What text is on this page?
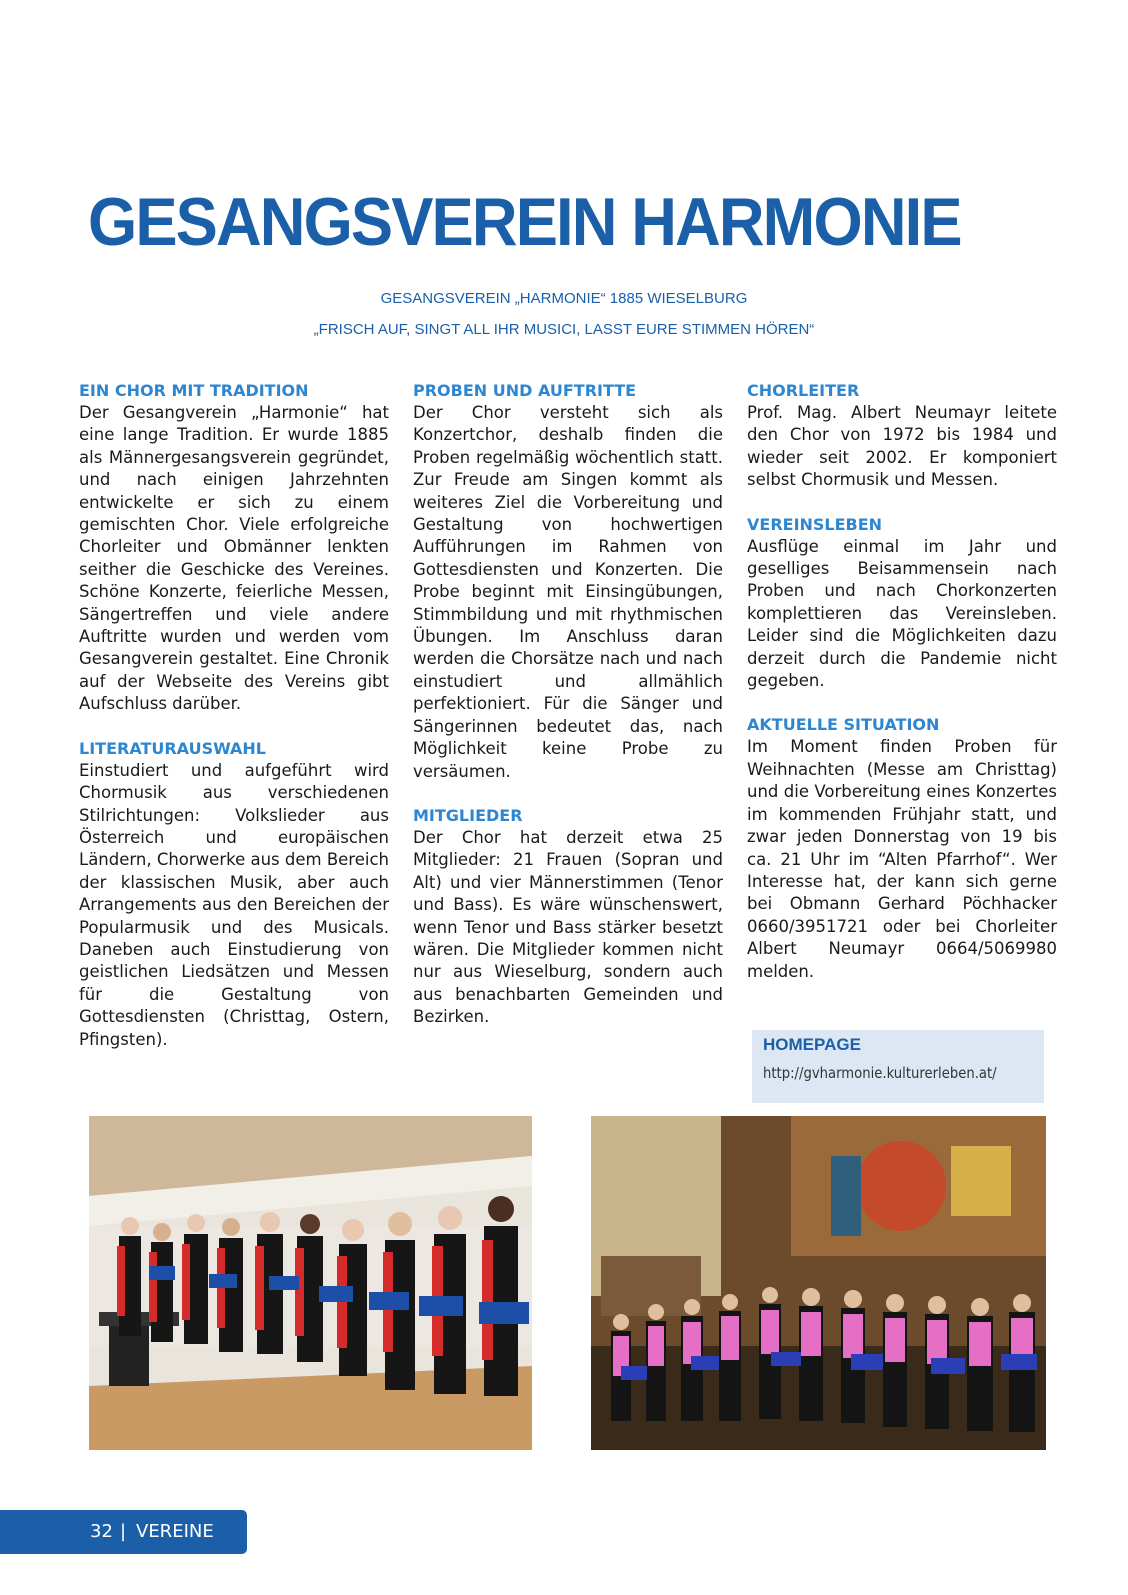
GESANGSVEREIN HARMONIE
GESANGSVEREIN „HARMONIE“ 1885 WIESELBURG
„FRISCH AUF, SINGT ALL IHR MUSICI, LASST EURE STIMMEN HÖREN“
EIN CHOR MIT TRADITION

Der Gesangverein „Harmonie“ hat eine lange Tradition. Er wurde 1885 als Männergesangsverein gegründet, und nach einigen Jahrzehnten entwickelte er sich zu einem gemischten Chor. Viele erfolgreiche Chorleiter und Obmänner lenkten seither die Geschicke des Vereines. Schöne Konzerte, feierliche Messen, Sängertreffen und viele andere Auftritte wurden und werden vom Gesangverein gestaltet. Eine Chronik auf der Webseite des Vereins gibt Aufschluss darüber.

LITERATURAUSWAHL

Einstudiert und aufgeführt wird Chormusik aus verschiedenen Stilrichtungen: Volkslieder aus Österreich und europäischen Ländern, Chorwerke aus dem Bereich der klassischen Musik, aber auch Arrangements aus den Bereichen der Popularmusik und des Musicals. Daneben auch Einstudierung von geistlichen Liedsätzen und Messen für die Gestaltung von Gottesdiensten (Christtag, Ostern, Pfingsten).

PROBEN UND AUFTRITTE

Der Chor versteht sich als Konzertchor, deshalb finden die Proben regelmäßig wöchentlich statt. Zur Freude am Singen kommt als weiteres Ziel die Vorbereitung und Gestaltung von hochwertigen Aufführungen im Rahmen von Gottesdiensten und Konzerten. Die Probe beginnt mit Einsingübungen, Stimmbildung und mit rhythmischen Übungen. Im Anschluss daran werden die Chorsätze nach und nach einstudiert und allmählich perfektioniert. Für die Sänger und Sängerinnen bedeutet das, nach Möglichkeit keine Probe zu versäumen.

MITGLIEDER

Der Chor hat derzeit etwa 25 Mitglieder: 21 Frauen (Sopran und Alt) und vier Männerstimmen (Tenor und Bass). Es wäre wünschenswert, wenn Tenor und Bass stärker besetzt wären. Die Mitglieder kommen nicht nur aus Wieselburg, sondern auch aus benachbarten Gemeinden und Bezirken.

CHORLEITER

Prof. Mag. Albert Neumayr leitete den Chor von 1972 bis 1984 und wieder seit 2002. Er komponiert selbst Chormusik und Messen.

VEREINSLEBEN

Ausflüge einmal im Jahr und geselliges Beisammensein nach Proben und nach Chorkonzerten komplettieren das Vereinsleben. Leider sind die Möglichkeiten dazu derzeit durch die Pandemie nicht gegeben.

AKTUELLE SITUATION

Im Moment finden Proben für Weihnachten (Messe am Christtag) und die Vorbereitung eines Konzertes im kommenden Frühjahr statt, und zwar jeden Donnerstag von 19 bis ca. 21 Uhr im “Alten Pfarrhof“. Wer Interesse hat, der kann sich gerne bei Obmann Gerhard Pöchhacker 0660/3951721 oder bei Chorleiter Albert Neumayr 0664/5069980 melden.

HOMEPAGE
http://gvharmonie.kulturerleben.at/
32 | VEREINE
